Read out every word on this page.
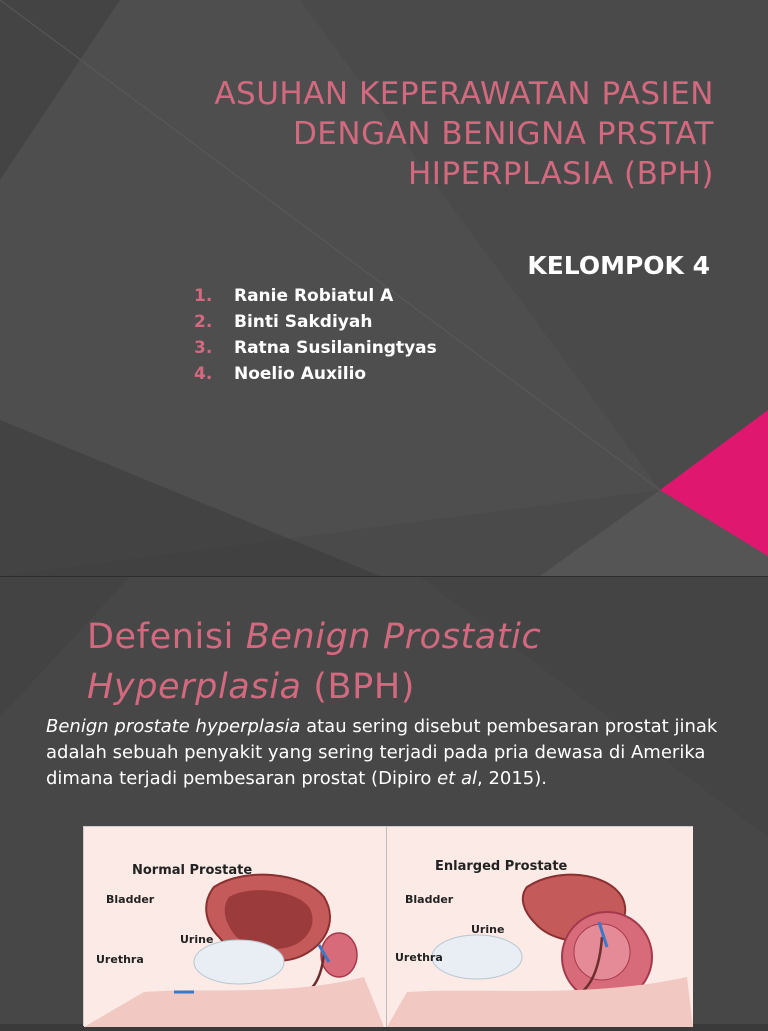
ASUHAN KEPERAWATAN PASIEN
DENGAN BENIGNA PRSTAT
HIPERPLASIA (BPH)

KELOMPOK 4

1. Ranie Robiatul A
2. Binti Sakdiyah
3. Ratna Susilaningtyas
4. Noelio Auxilio
Defenisi Benign Prostatic
Hyperplasia (BPH)

Benign prostate hyperplasia atau sering disebut pembesaran prostat jinak adalah sebuah penyakit yang sering terjadi pada pria dewasa di Amerika dimana terjadi pembesaran prostat (Dipiro et al, 2015).

Normal Prostate

Bladder

Urine

Urethra

Enlarged Prostate

Bladder

Urine

Urethra
